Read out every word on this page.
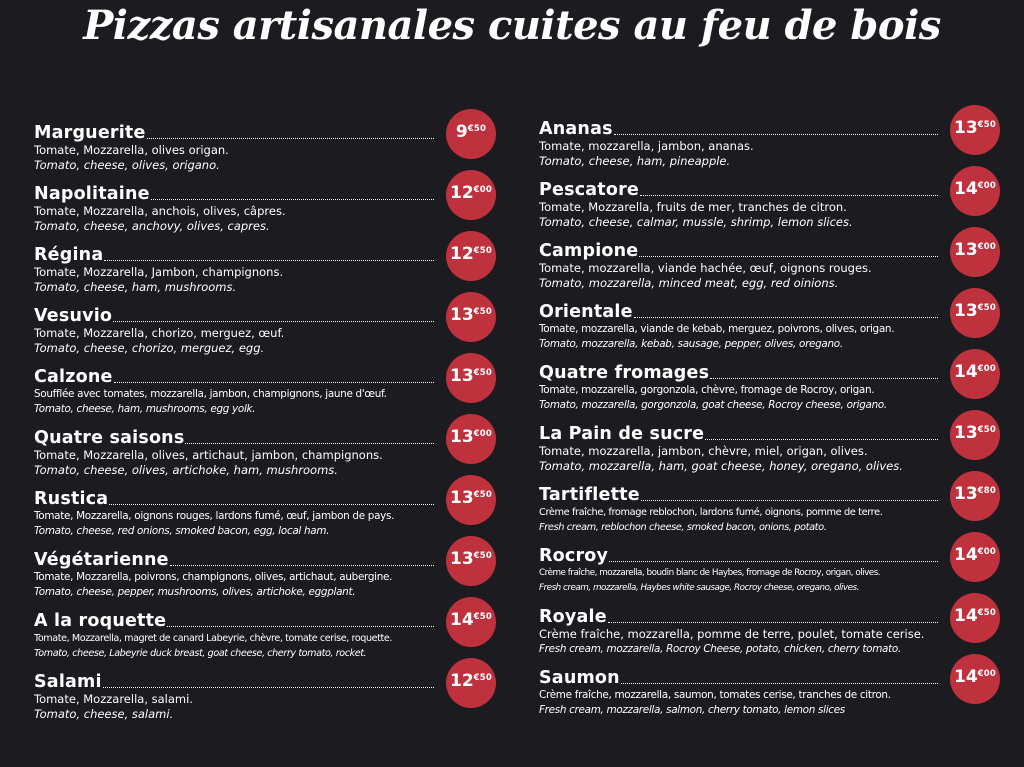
Pizzas artisanales cuites au feu de bois
Marguerite
Tomate, Mozzarella, olives origan.
Tomato, cheese, olives, origano.
Napolitaine
Tomate, Mozzarella, anchois, olives, câpres.
Tomato, cheese, anchovy, olives, capres.
Régina
Tomate, Mozzarella, Jambon, champignons.
Tomato, cheese, ham, mushrooms.
Vesuvio
Tomate, Mozzarella, chorizo, merguez, œuf.
Tomato, cheese, chorizo, merguez, egg.
Calzone
Soufflée avec tomates, mozzarella, jambon, champignons, jaune d'œuf.
Tomato, cheese, ham, mushrooms, egg yolk.
Quatre saisons
Tomate, Mozzarella, olives, artichaut, jambon, champignons.
Tomato, cheese, olives, artichoke, ham, mushrooms.
Rustica
Tomate, Mozzarella, oignons rouges, lardons fumé, œuf, jambon de pays.
Tomato, cheese, red onions, smoked bacon, egg, local ham.
Végétarienne
Tomate, Mozzarella, poivrons, champignons, olives, artichaut, aubergine.
Tomato, cheese, pepper, mushrooms, olives, artichoke, eggplant.
A la roquette
Tomate, Mozzarella, magret de canard Labeyrie, chèvre, tomate cerise, roquette.
Tomato, cheese, Labeyrie duck breast, goat cheese, cherry tomato, rocket.
Salami
Tomate, Mozzarella, salami.
Tomato, cheese, salami.
Ananas
Tomate, mozzarella, jambon, ananas.
Tomato, cheese, ham, pineapple.
Pescatore
Tomate, Mozzarella, fruits de mer, tranches de citron.
Tomato, cheese, calmar, mussle, shrimp, lemon slices.
Campione
Tomate, mozzarella, viande hachée, œuf, oignons rouges.
Tomato, mozzarella, minced meat, egg, red oinions.
Orientale
Tomate, mozzarella, viande de kebab, merguez, poivrons, olives, origan.
Tomato, mozzarella, kebab, sausage, pepper, olives, oregano.
Quatre fromages
Tomate, mozzarella, gorgonzola, chèvre, fromage de Rocroy, origan.
Tomato, mozzarella, gorgonzola, goat cheese, Rocroy cheese, origano.
La Pain de sucre
Tomate, mozzarella, jambon, chèvre, miel, origan, olives.
Tomato, mozzarella, ham, goat cheese, honey, oregano, olives.
Tartiflette
Crème fraîche, fromage reblochon, lardons fumé, oignons, pomme de terre.
Fresh cream, reblochon cheese, smoked bacon, onions, potato.
Rocroy
Crème fraîche, mozzarella, boudin blanc de Haybes, fromage de Rocroy, origan, olives.
Fresh cream, mozzarella, Haybes white sausage, Rocroy cheese, oregano, olives.
Royale
Crème fraîche, mozzarella, pomme de terre, poulet, tomate cerise.
Fresh cream, mozzarella, Rocroy Cheese, potato, chicken, cherry tomato.
Saumon
Crème fraîche, mozzarella, saumon, tomates cerise, tranches de citron.
Fresh cream, mozzarella, salmon, cherry tomato, lemon slices
9 €50
12 €00
12 €50
13 €50
13 €50
13 €00
13 €50
13 €50
14 €50
12 €50
13 €50
14 €00
13 €00
13 €50
14 €00
13 €50
13 €80
14 €00
14 €50
14 €00
